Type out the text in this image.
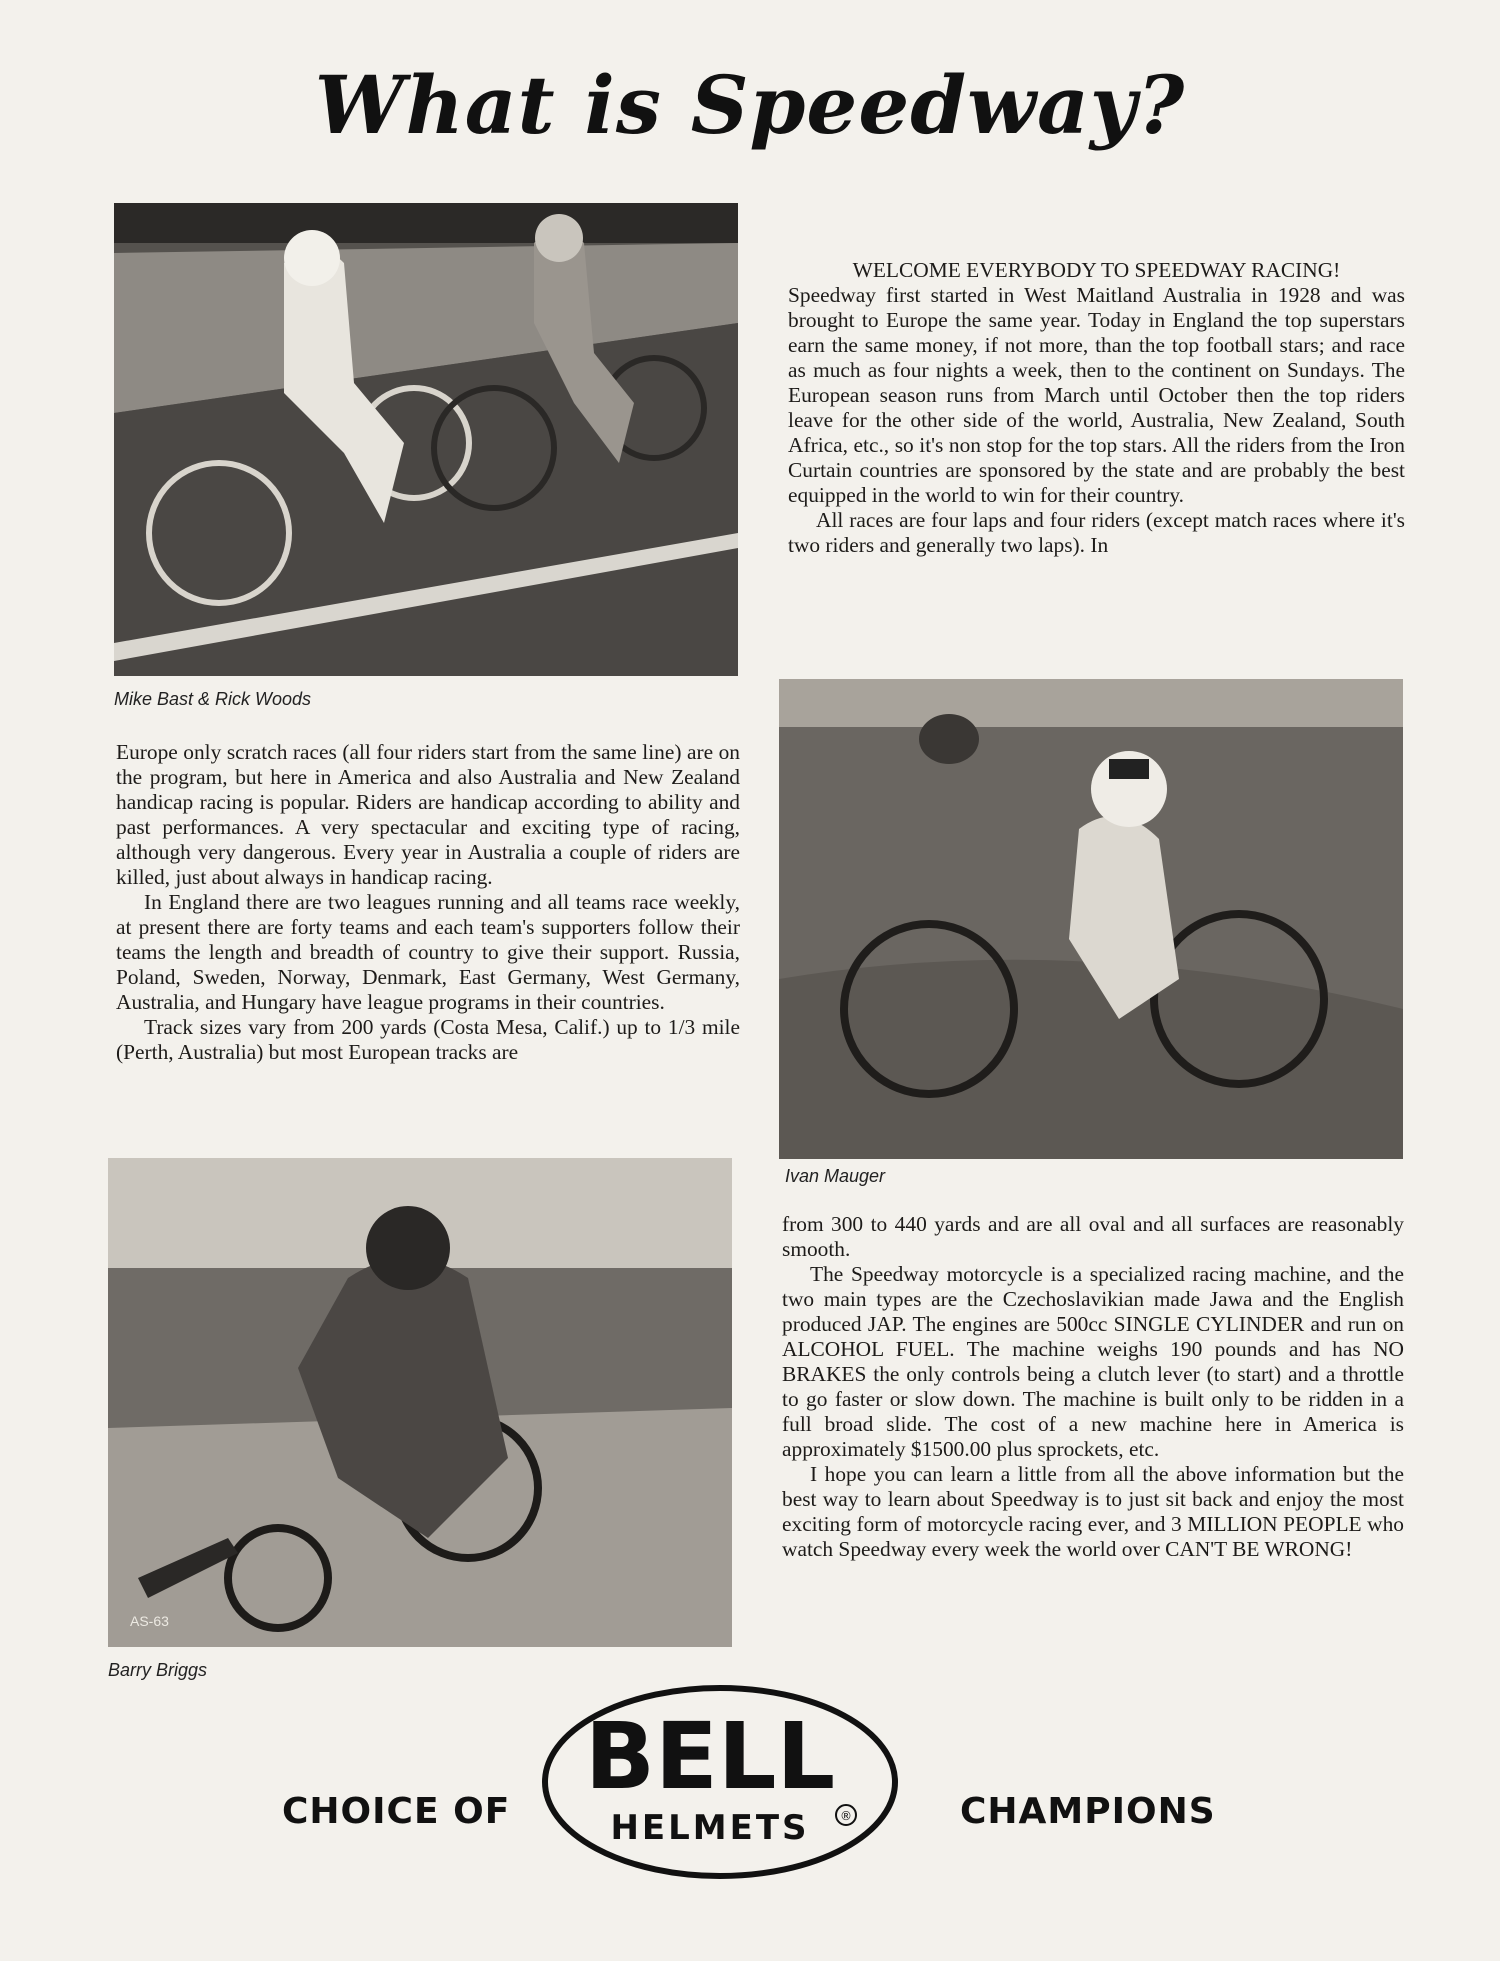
What is Speedway?
Mike Bast & Rick Woods
Ivan Mauger
AS-63
Barry Briggs

WELCOME EVERYBODY TO SPEEDWAY RACING!

Speedway first started in West Maitland Australia in 1928 and was brought to Europe the same year. Today in England the top superstars earn the same money, if not more, than the top football stars; and race as much as four nights a week, then to the continent on Sundays. The European season runs from March until October then the top riders leave for the other side of the world, Australia, New Zealand, South Africa, etc., so it's non stop for the top stars. All the riders from the Iron Curtain countries are sponsored by the state and are probably the best equipped in the world to win for their country.

All races are four laps and four riders (except match races where it's two riders and generally two laps). In

Europe only scratch races (all four riders start from the same line) are on the program, but here in America and also Australia and New Zealand handicap racing is popular. Riders are handicap according to ability and past performances. A very spectacular and exciting type of racing, although very dangerous. Every year in Australia a couple of riders are killed, just about always in handicap racing.

In England there are two leagues running and all teams race weekly, at present there are forty teams and each team's supporters follow their teams the length and breadth of country to give their support. Russia, Poland, Sweden, Norway, Denmark, East Germany, West Germany, Australia, and Hungary have league programs in their countries.

Track sizes vary from 200 yards (Costa Mesa, Calif.) up to 1/3 mile (Perth, Australia) but most European tracks are

from 300 to 440 yards and are all oval and all surfaces are reasonably smooth.

The Speedway motorcycle is a specialized racing machine, and the two main types are the Czechoslavikian made Jawa and the English produced JAP. The engines are 500cc SINGLE CYLINDER and run on ALCOHOL FUEL. The machine weighs 190 pounds and has NO BRAKES the only controls being a clutch lever (to start) and a throttle to go faster or slow down. The machine is built only to be ridden in a full broad slide. The cost of a new machine here in America is approximately $1500.00 plus sprockets, etc.

I hope you can learn a little from all the above information but the best way to learn about Speedway is to just sit back and enjoy the most exciting form of motorcycle racing ever, and 3 MILLION PEOPLE who watch Speedway every week the world over CAN'T BE WRONG!

CHOICE OF
BELL
HELMETS	®	CHAMPIONS
